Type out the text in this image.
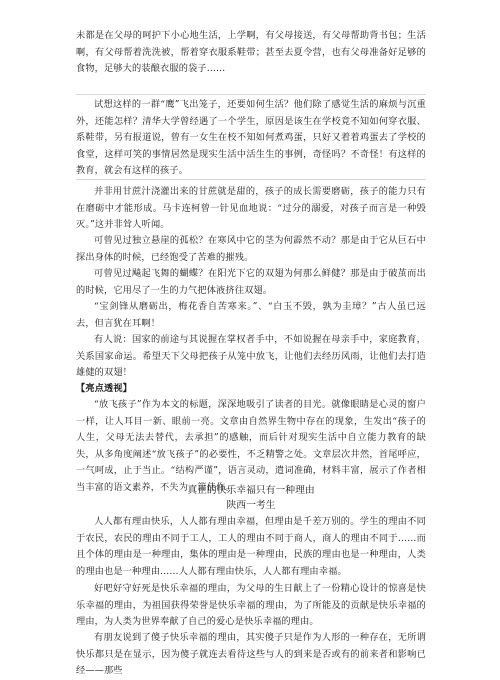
未都是在父母的呵护下小心地生活，上学啊，有父母接送，有父母帮助背书包；生活啊，有父母帮着洗洗被，帮着穿衣服系鞋带；甚至去夏令营，也有父母准备好足够的食物，足够大的装酿衣服的袋子……

试想这样的一群“鹰”飞出笼子，还要如何生活？他们除了感觉生活的麻烦与沉重外，还能怎样？清华大学曾经遇了一个学生，原因是该生在学校竟不知如何穿衣服、系鞋带，另有报道说，曾有一女生在校不知如何煮鸡蛋，只好又着着鸡蛋去了学校的食堂，这样可笑的事情居然是现实生活中活生生的事例，奇怪吗？不奇怪！有这样的教育，就会有这样的孩子。

并非用甘蔗汁浇灌出来的甘蔗就是甜的，孩子的成长需要磨砺，孩子的能力只有在磨砺中才能形成。马卡连柯曾一针见血地说：“过分的溺爱，对孩子而言是一种毁灭。”这并非耸人听闻。

可曾见过独立悬崖的孤松？在寒风中它的茎为何霹然不动？那是由于它从巨石中探出身体的时候，已经饱受了苦难的摧残。

可曾见过飚起飞舞的蝴蝶？在阳光下它的双翅为何那么鲜健？那是由于破茧而出的时候，它用尽了一生的力气把体液挤往双翅。

“宝剑锋从磨砺出，梅花香自苦寒来。”、“白玉不毁，孰为圭璋？”古人虽已远去，但言犹在耳啊！

有人说：国家的前途与其说握在掌权者手中，不如说握在母亲手中，家庭教育，关系国家命运。希望天下父母把孩子从笼中放飞，让他们去经历风雨，让他们去打造雄健的双翅！

【亮点透视】

“放飞孩子”作为本文的标题，深深地吸引了读者的目光。就像眼睛是心灵的窗户一样，让人耳目一新、眼前一亮。文章由自然界生物中存在的现象，生发出“孩子的人生，父母无法去替代，去承担”的感触，而后针对现实生活中自立能力教育的缺失，从多角度阐述“放飞孩子”的必要性，不乏精警之处。文章层次井然，首尾呼应，一气呵成，止于当止。“结构严谨”，语言灵动，遣词准确，材料丰富，展示了作者相当丰富的语文素养，不失为一篇佳作。

真正的快乐幸福只有一种理由
陕西一考生

人人都有理由快乐，人人都有理由幸福，但理由是千差万别的。学生的理由不同于农民，农民的理由不同于工人，工人的理由不同于商人，商人的理由不同于……而且个体的理由是一种理由，集体的理由是一种理由，民族的理由也是一种理由，人类的理由也是一种理由……人人都有理由快乐，人人都有理由幸福。

好吧好守好死是快乐幸福的理由，为父母的生日献上了一份精心设计的惊喜是快乐幸福的理由，为祖国获得荣誉是快乐幸福的理由，为了所能及的贡献是快乐幸福的理由，为人类为世界奉献了自己的爱心是快乐幸福的理由。

有朋友说到了傻子快乐幸福的理由，其实傻子只是作为人形的一种存在，无所谓快乐都只是在显示，因为傻子就连去看待这些与人的到来是否或有的前来者和影响已经——那些
